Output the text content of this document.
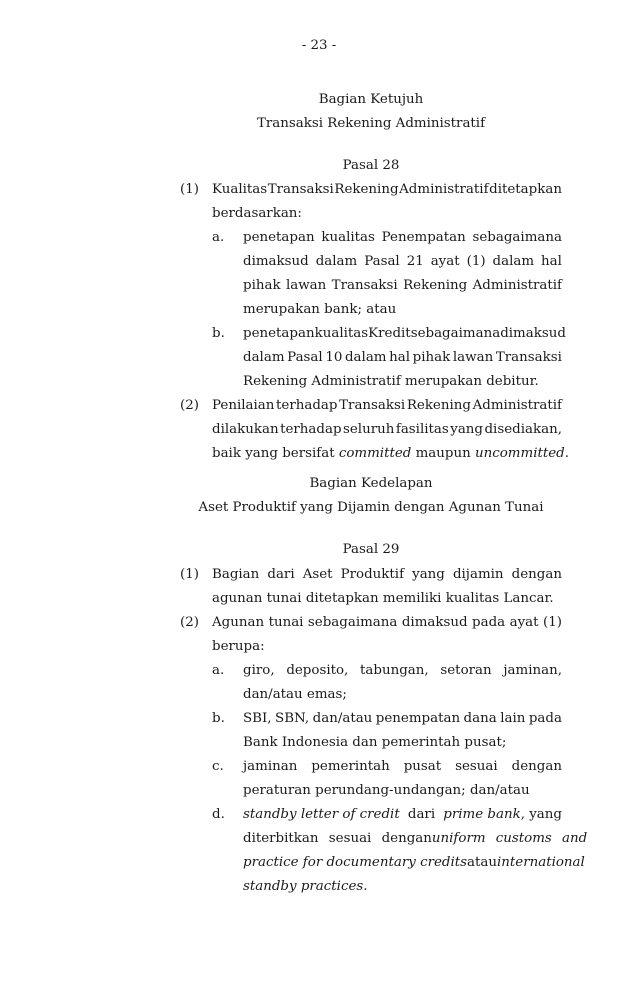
- 23 -
Bagian Ketujuh
Transaksi Rekening Administratif
Pasal 28
(1) Kualitas Transaksi Rekening Administratif ditetapkan
berdasarkan:
a. penetapan kualitas Penempatan sebagaimana
dimaksud dalam Pasal 21 ayat (1) dalam hal
pihak lawan Transaksi Rekening Administratif
merupakan bank; atau
b. penetapan kualitas Kredit sebagaimana dimaksud
dalam Pasal 10 dalam hal pihak lawan Transaksi
Rekening Administratif merupakan debitur.
(2) Penilaian terhadap Transaksi Rekening Administratif
dilakukan terhadap seluruh fasilitas yang disediakan,
baik yang bersifat committed maupun uncommitted.
Bagian Kedelapan
Aset Produktif yang Dijamin dengan Agunan Tunai
Pasal 29
(1) Bagian dari Aset Produktif yang dijamin dengan
agunan tunai ditetapkan memiliki kualitas Lancar.
(2) Agunan tunai sebagaimana dimaksud pada ayat (1)
berupa:
a. giro, deposito, tabungan, setoran jaminan,
dan/atau emas;
b. SBI, SBN, dan/atau penempatan dana lain pada
Bank Indonesia dan pemerintah pusat;
c. jaminan pemerintah pusat sesuai dengan
peraturan perundang-undangan; dan/atau
d. standby letter of credit dari prime bank, yang
diterbitkan sesuai dengan uniform customs and
practice for documentary credits atau international
standby practices.
